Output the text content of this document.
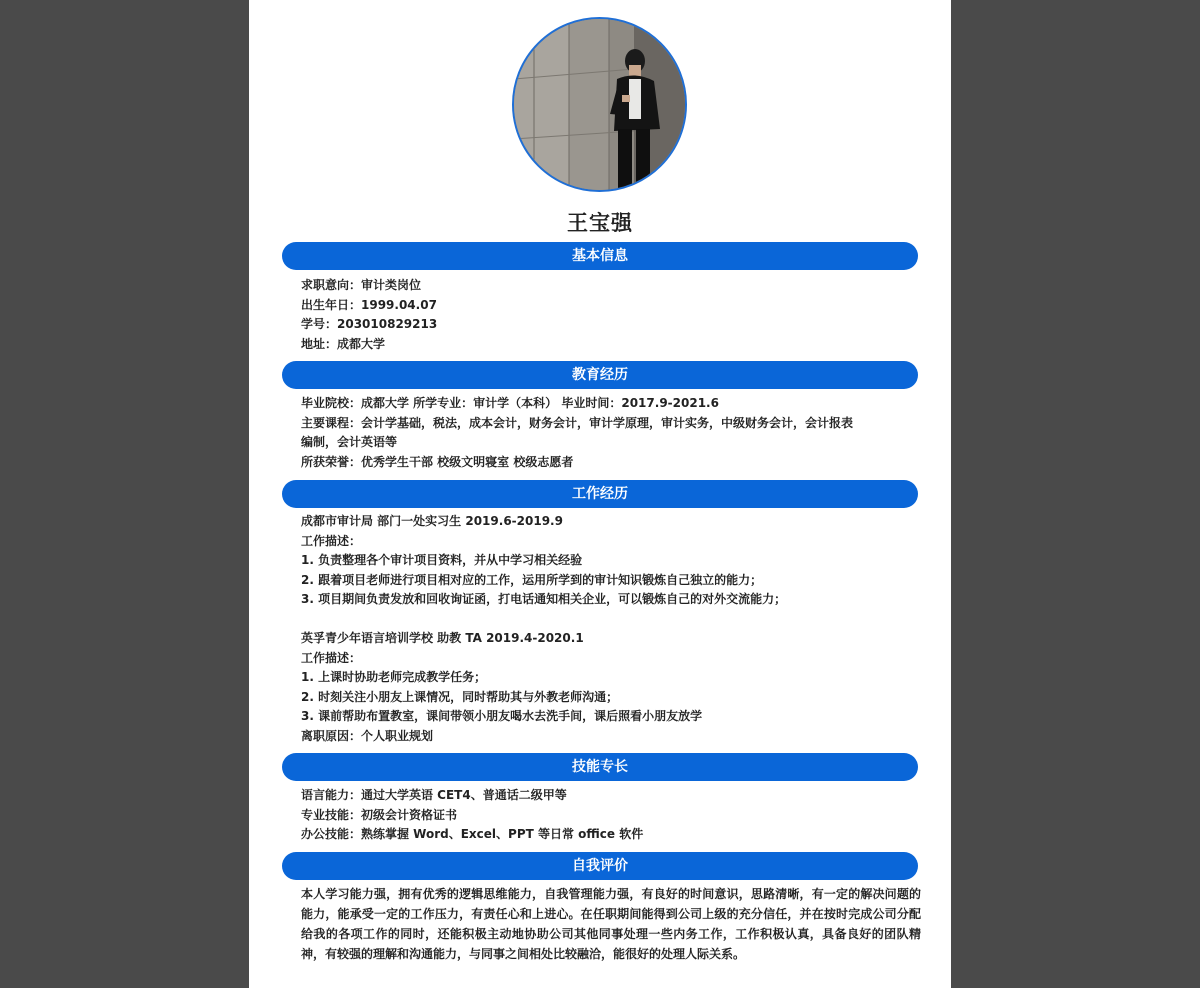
王宝强
基本信息
求职意向：审计类岗位
出生年日：1999.04.07
学号：203010829213
地址：成都大学
教育经历
毕业院校：成都大学 所学专业：审计学（本科） 毕业时间：2017.9-2021.6
主要课程：会计学基础，税法，成本会计，财务会计，审计学原理，审计实务，中级财务会计，会计报表
编制，会计英语等
所获荣誉：优秀学生干部 校级文明寝室 校级志愿者
工作经历
成都市审计局 部门一处实习生 2019.6-2019.9
工作描述：
1. 负责整理各个审计项目资料，并从中学习相关经验
2. 跟着项目老师进行项目相对应的工作，运用所学到的审计知识锻炼自己独立的能力；
3. 项目期间负责发放和回收询证函，打电话通知相关企业，可以锻炼自己的对外交流能力；
英孚青少年语言培训学校 助教 TA 2019.4-2020.1
工作描述：
1. 上课时协助老师完成教学任务；
2. 时刻关注小朋友上课情况，同时帮助其与外教老师沟通；
3. 课前帮助布置教室，课间带领小朋友喝水去洗手间，课后照看小朋友放学
离职原因：个人职业规划
技能专长
语言能力：通过大学英语 CET4、普通话二级甲等
专业技能：初级会计资格证书
办公技能：熟练掌握 Word、Excel、PPT 等日常 office 软件
自我评价
本人学习能力强，拥有优秀的逻辑思维能力，自我管理能力强，有良好的时间意识，思路清晰，有一定的解决问题的能力，能承受一定的工作压力，有责任心和上进心。在任职期间能得到公司上级的充分信任，并在按时完成公司分配给我的各项工作的同时，还能积极主动地协助公司其他同事处理一些内务工作，工作积极认真，具备良好的团队精神，有较强的理解和沟通能力，与同事之间相处比较融洽，能很好的处理人际关系。
